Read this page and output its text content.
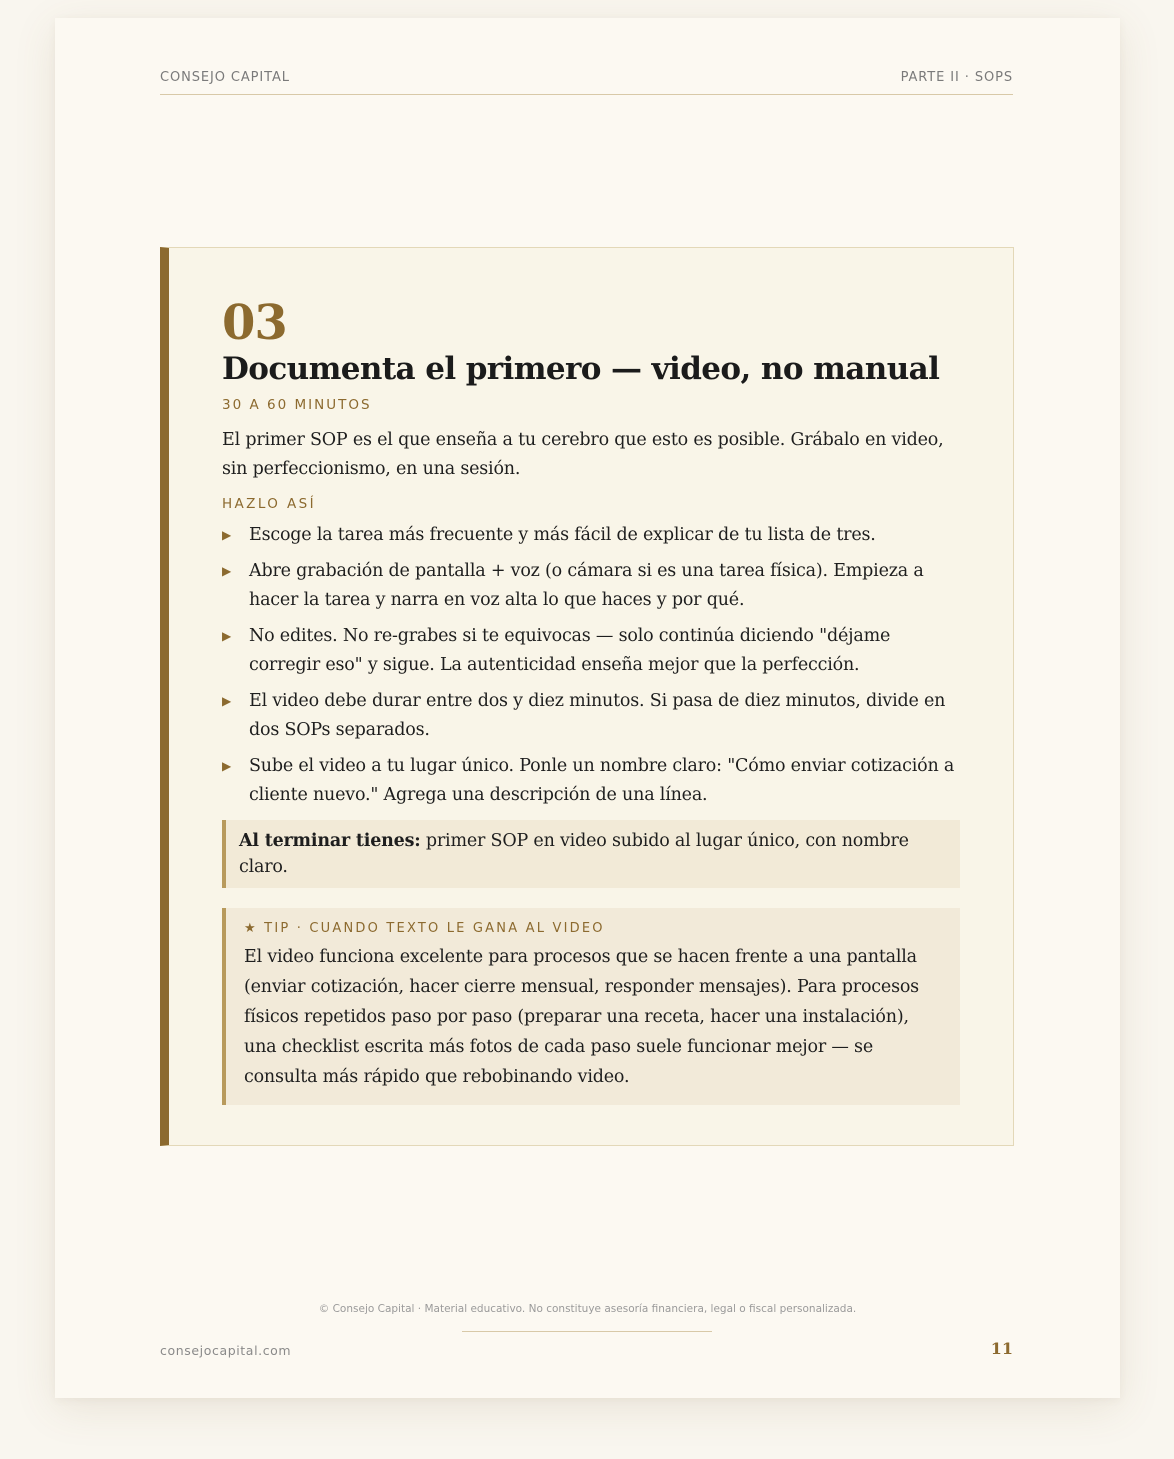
CONSEJO CAPITAL	PARTE II · SOPS
03
Documenta el primero — video, no manual
30 A 60 MINUTOS
El primer SOP es el que enseña a tu cerebro que esto es posible. Grábalo en video, sin perfeccionismo, en una sesión.
HAZLO ASÍ
▶ Escoge la tarea más frecuente y más fácil de explicar de tu lista de tres.
▶ Abre grabación de pantalla + voz (o cámara si es una tarea física). Empieza a hacer la tarea y narra en voz alta lo que haces y por qué.
▶ No edites. No re-grabes si te equivocas — solo continúa diciendo "déjame corregir eso" y sigue. La autenticidad enseña mejor que la perfección.
▶ El video debe durar entre dos y diez minutos. Si pasa de diez minutos, divide en dos SOPs separados.
▶ Sube el video a tu lugar único. Ponle un nombre claro: "Cómo enviar cotización a cliente nuevo." Agrega una descripción de una línea.
Al terminar tienes: primer SOP en video subido al lugar único, con nombre claro.
★ TIP · CUANDO TEXTO LE GANA AL VIDEO
El video funciona excelente para procesos que se hacen frente a una pantalla (enviar cotización, hacer cierre mensual, responder mensajes). Para procesos físicos repetidos paso por paso (preparar una receta, hacer una instalación), una checklist escrita más fotos de cada paso suele funcionar mejor — se consulta más rápido que rebobinando video.
© Consejo Capital · Material educativo. No constituye asesoría financiera, legal o fiscal personalizada.
consejocapital.com	11
